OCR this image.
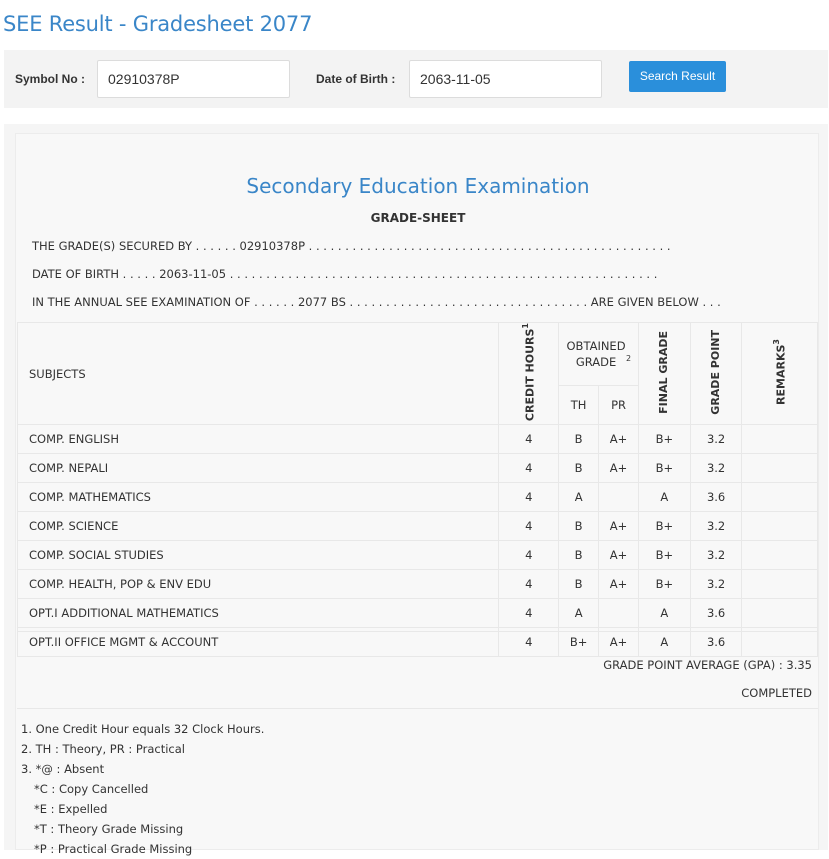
SEE Result - Gradesheet 2077
Symbol No :	02910378P	Date of Birth :	2063-11-05	Search Result
Secondary Education Examination
GRADE-SHEET
THE GRADE(S) SECURED BY . . . . . . 02910378P . . . . . . . . . . . . . . . . . . . . . . . . . . . . . . . . . . . . . . . . . . . . . . . . . .
DATE OF BIRTH . . . . . 2063-11-05 . . . . . . . . . . . . . . . . . . . . . . . . . . . . . . . . . . . . . . . . . . . . . . . . . . . . . . . . . . .
IN THE ANNUAL SEE EXAMINATION OF . . . . . . 2077 BS . . . . . . . . . . . . . . . . . . . . . . . . . . . . . . . . . ARE GIVEN BELOW . . .
SUBJECTS	CREDIT HOURS$^1$	OBTAINED GRADE $^2$		FINAL GRADE	GRADE POINT	REMARKS$^3$
		TH	PR			
COMP. ENGLISH	4	B	A+	B+	3.2	
COMP. NEPALI	4	B	A+	B+	3.2	
COMP. MATHEMATICS	4	A		A	3.6	
COMP. SCIENCE	4	B	A+	B+	3.2	
COMP. SOCIAL STUDIES	4	B	A+	B+	3.2	
COMP. HEALTH, POP & ENV EDU	4	B	A+	B+	3.2	
OPT.I ADDITIONAL MATHEMATICS	4	A		A	3.6	
OPT.II OFFICE MGMT & ACCOUNT	4	B+	A+	A	3.6	
GRADE POINT AVERAGE (GPA) : 3.35
COMPLETED
1. One Credit Hour equals 32 Clock Hours.
2. TH : Theory, PR : Practical
3. *@ : Absent
*C : Copy Cancelled
*E : Expelled
*T : Theory Grade Missing
*P : Practical Grade Missing
